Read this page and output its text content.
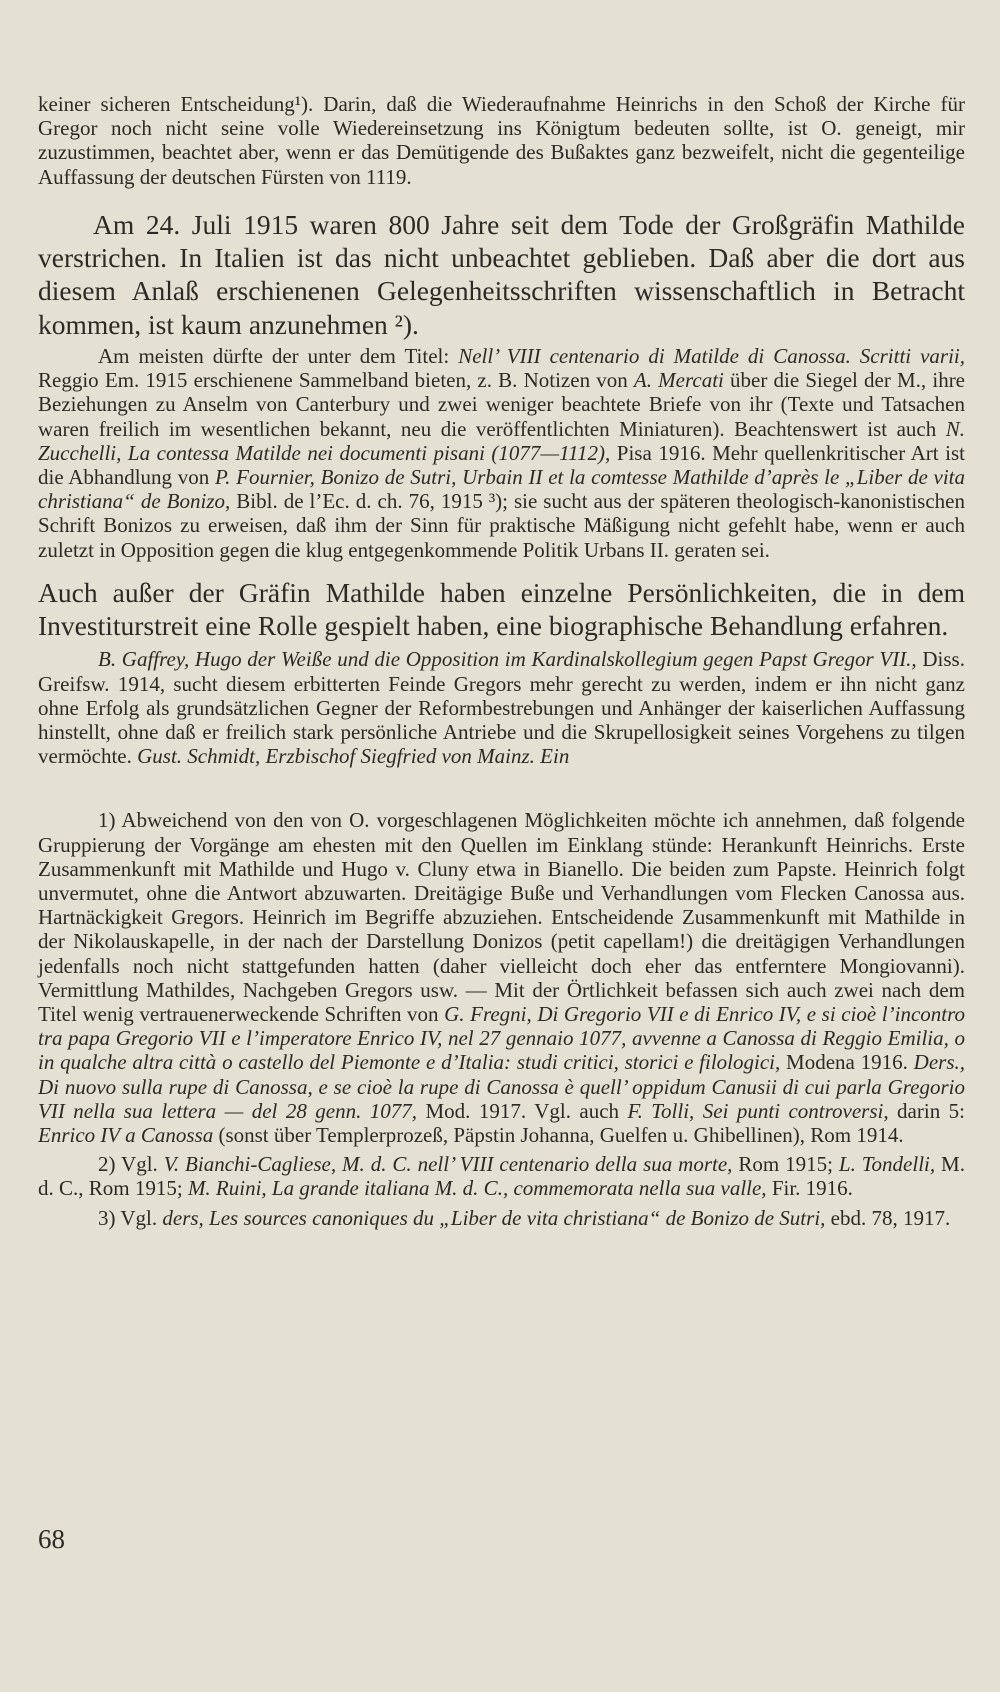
keiner sicheren Entscheidung¹). Darin, daß die Wiederaufnahme Heinrichs in den Schoß der Kirche für Gregor noch nicht seine volle Wiedereinsetzung ins Königtum bedeuten sollte, ist O. geneigt, mir zuzustimmen, beachtet aber, wenn er das Demütigende des Bußaktes ganz bezweifelt, nicht die gegenteilige Auffassung der deutschen Fürsten von 1119.

Am 24. Juli 1915 waren 800 Jahre seit dem Tode der Großgräfin Mathilde verstrichen. In Italien ist das nicht unbeachtet geblieben. Daß aber die dort aus diesem Anlaß erschienenen Gelegenheitsschriften wissenschaftlich in Betracht kommen, ist kaum anzunehmen ²).

Am meisten dürfte der unter dem Titel: Nell’ VIII centenario di Matilde di Canossa. Scritti varii, Reggio Em. 1915 erschienene Sammelband bieten, z. B. Notizen von A. Mercati über die Siegel der M., ihre Beziehungen zu Anselm von Canterbury und zwei weniger beachtete Briefe von ihr (Texte und Tatsachen waren freilich im wesentlichen bekannt, neu die veröffentlichten Miniaturen). Beachtenswert ist auch N. Zucchelli, La contessa Matilde nei documenti pisani (1077—1112), Pisa 1916. Mehr quellenkritischer Art ist die Abhandlung von P. Fournier, Bonizo de Sutri, Urbain II et la comtesse Mathilde d’après le „Liber de vita christiana“ de Bonizo, Bibl. de l’Ec. d. ch. 76, 1915 ³); sie sucht aus der späteren theologisch-kanonistischen Schrift Bonizos zu erweisen, daß ihm der Sinn für praktische Mäßigung nicht gefehlt habe, wenn er auch zuletzt in Opposition gegen die klug entgegenkommende Politik Urbans II. geraten sei.

Auch außer der Gräfin Mathilde haben einzelne Persönlichkeiten, die in dem Investiturstreit eine Rolle gespielt haben, eine biographische Behandlung erfahren.

B. Gaffrey, Hugo der Weiße und die Opposition im Kardinalskollegium gegen Papst Gregor VII., Diss. Greifsw. 1914, sucht diesem erbitterten Feinde Gregors mehr gerecht zu werden, indem er ihn nicht ganz ohne Erfolg als grundsätzlichen Gegner der Reformbestrebungen und Anhänger der kaiserlichen Auffassung hinstellt, ohne daß er freilich stark persönliche Antriebe und die Skrupellosigkeit seines Vorgehens zu tilgen vermöchte. Gust. Schmidt, Erzbischof Siegfried von Mainz. Ein

1) Abweichend von den von O. vorgeschlagenen Möglichkeiten möchte ich annehmen, daß folgende Gruppierung der Vorgänge am ehesten mit den Quellen im Einklang stünde: Herankunft Heinrichs. Erste Zusammenkunft mit Mathilde und Hugo v. Cluny etwa in Bianello. Die beiden zum Papste. Heinrich folgt unvermutet, ohne die Antwort abzuwarten. Dreitägige Buße und Verhandlungen vom Flecken Canossa aus. Hartnäckigkeit Gregors. Heinrich im Begriffe abzuziehen. Entscheidende Zusammenkunft mit Mathilde in der Nikolauskapelle, in der nach der Darstellung Donizos (petit capellam!) die dreitägigen Verhandlungen jedenfalls noch nicht stattgefunden hatten (daher vielleicht doch eher das entferntere Mongiovanni). Vermittlung Mathildes, Nachgeben Gregors usw. — Mit der Örtlichkeit befassen sich auch zwei nach dem Titel wenig vertrauenerweckende Schriften von G. Fregni, Di Gregorio VII e di Enrico IV, e si cioè l’incontro tra papa Gregorio VII e l’imperatore Enrico IV, nel 27 gennaio 1077, avvenne a Canossa di Reggio Emilia, o in qualche altra città o castello del Piemonte e d’Italia: studi critici, storici e filologici, Modena 1916. Ders., Di nuovo sulla rupe di Canossa, e se cioè la rupe di Canossa è quell’ oppidum Canusii di cui parla Gregorio VII nella sua lettera — del 28 genn. 1077, Mod. 1917. Vgl. auch F. Tolli, Sei punti controversi, darin 5: Enrico IV a Canossa (sonst über Templerprozeß, Päpstin Johanna, Guelfen u. Ghibellinen), Rom 1914.

2) Vgl. V. Bianchi-Cagliese, M. d. C. nell’ VIII centenario della sua morte, Rom 1915; L. Tondelli, M. d. C., Rom 1915; M. Ruini, La grande italiana M. d. C., commemorata nella sua valle, Fir. 1916.

3) Vgl. ders, Les sources canoniques du „Liber de vita christiana“ de Bonizo de Sutri, ebd. 78, 1917.

68
